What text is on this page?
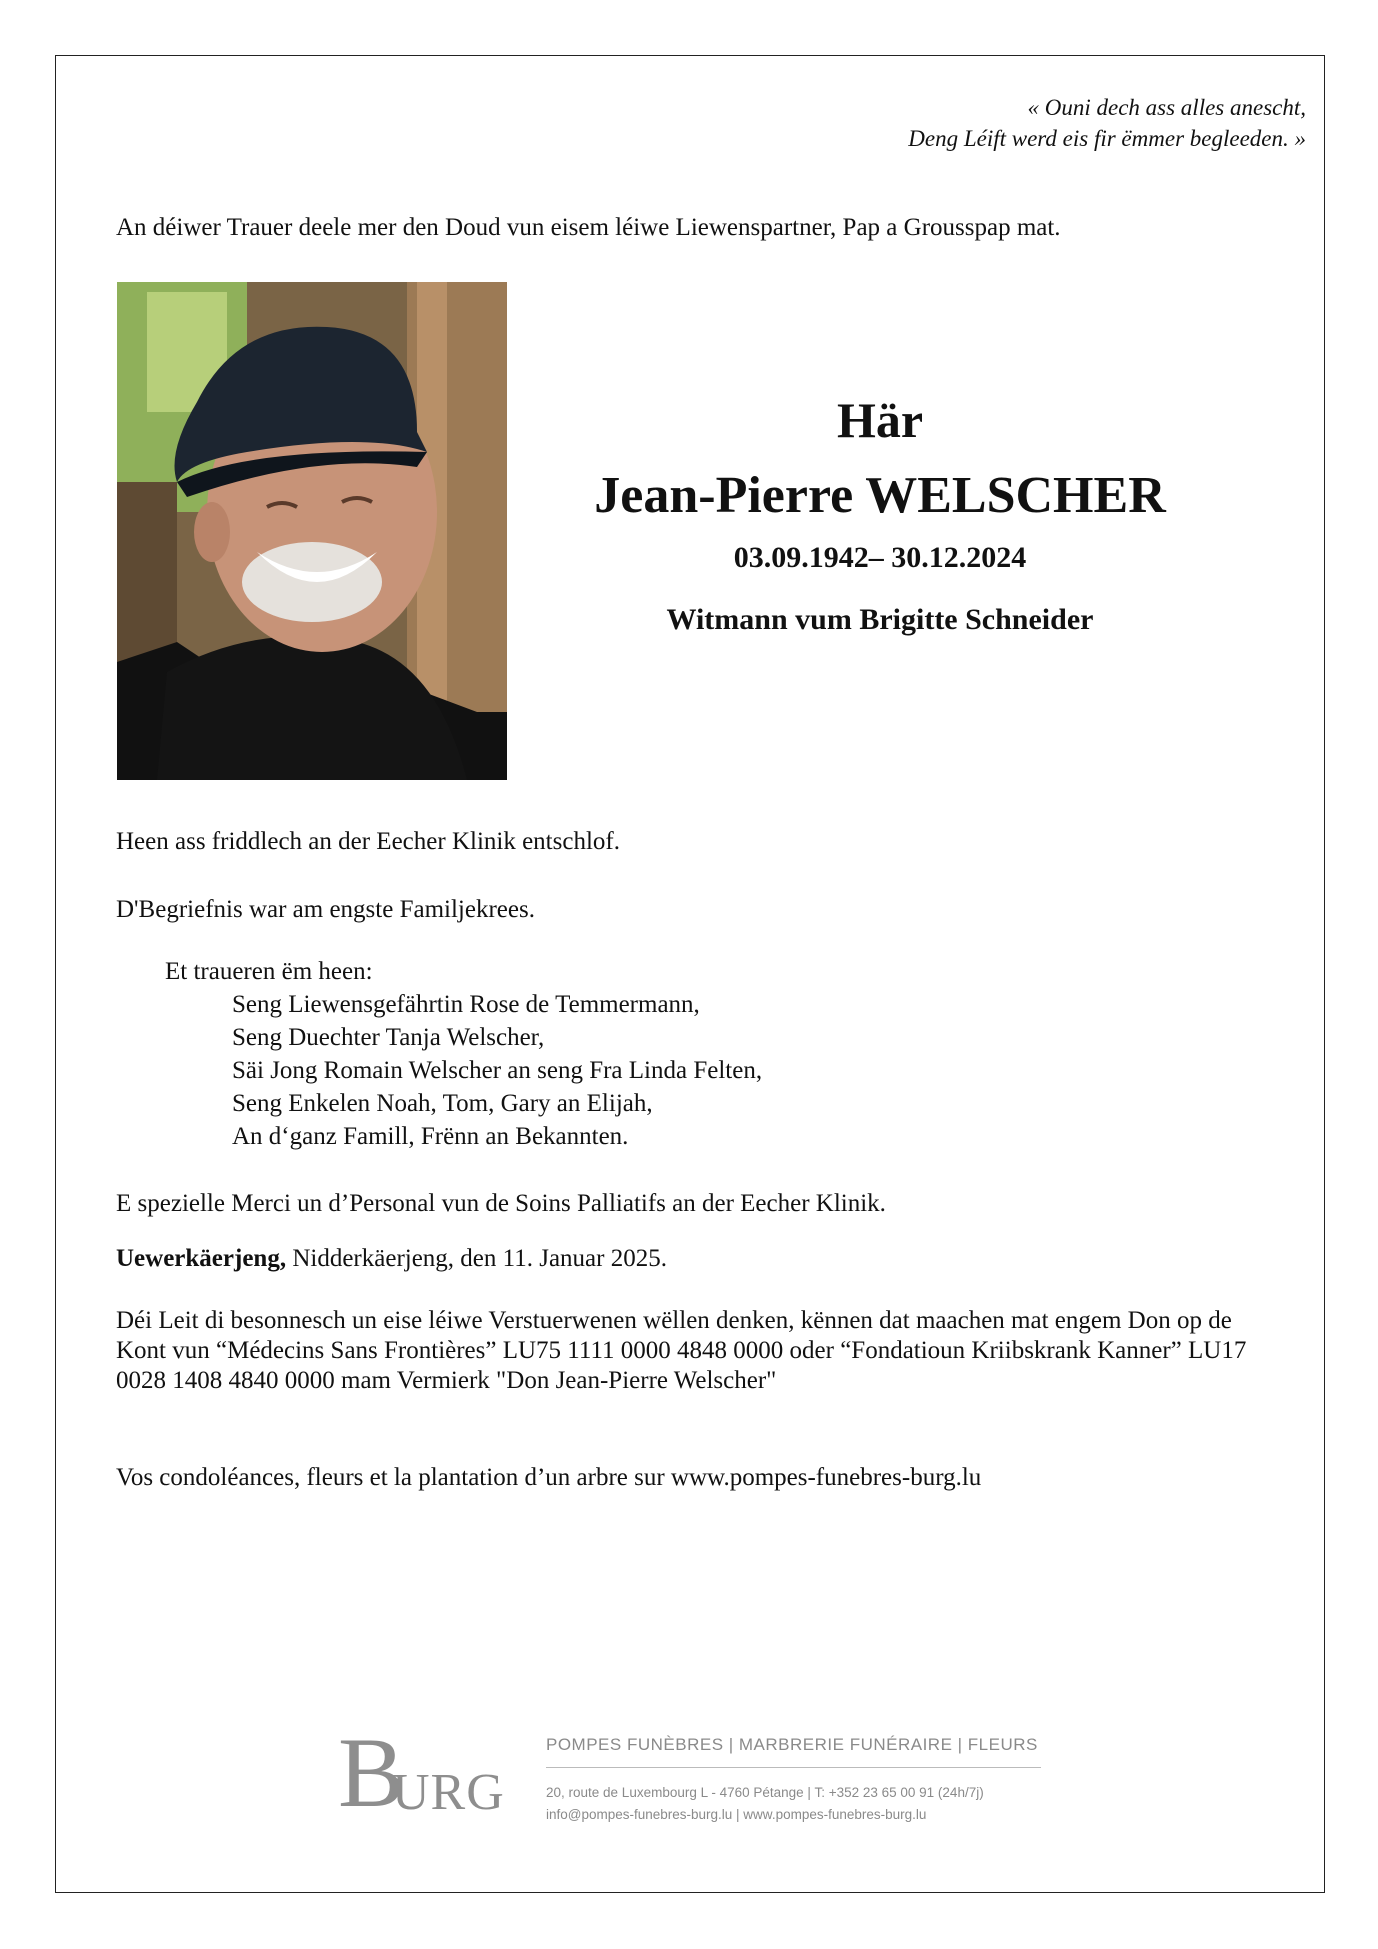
« Ouni dech ass alles anescht,
Deng Léift werd eis fir ëmmer begleeden. »
An déiwer Trauer deele mer den Doud vun eisem léiwe Liewenspartner, Pap a Grousspap mat.
Här
Jean-Pierre WELSCHER
03.09.1942– 30.12.2024
Witmann vum Brigitte Schneider
Heen ass friddlech an der Eecher Klinik entschlof.
D'Begriefnis war am engste Familjekrees.
Et traueren ëm heen:
Seng Liewensgefährtin Rose de Temmermann,
Seng Duechter Tanja Welscher,
Säi Jong Romain Welscher an seng Fra Linda Felten,
Seng Enkelen Noah, Tom, Gary an Elijah,
An d‘ganz Famill, Frënn an Bekannten.
E spezielle Merci un d’Personal vun de Soins Palliatifs an der Eecher Klinik.
Uewerkäerjeng, Nidderkäerjeng, den 11. Januar 2025.
Déi Leit di besonnesch un eise léiwe Verstuerwenen wëllen denken, kënnen dat maachen mat engem Don op de Kont vun “Médecins Sans Frontières” LU75 1111 0000 4848 0000 oder “Fondatioun Kriibskrank Kanner” LU17 0028 1408 4840 0000 mam Vermierk "Don Jean-Pierre Welscher"
Vos condoléances, fleurs et la plantation d’un arbre sur www.pompes-funebres-burg.lu
B
URG
POMPES FUNÈBRES | MARBRERIE FUNÉRAIRE | FLEURS
20, route de Luxembourg L - 4760 Pétange | T: +352 23 65 00 91 (24h/7j)
info@pompes-funebres-burg.lu | www.pompes-funebres-burg.lu
